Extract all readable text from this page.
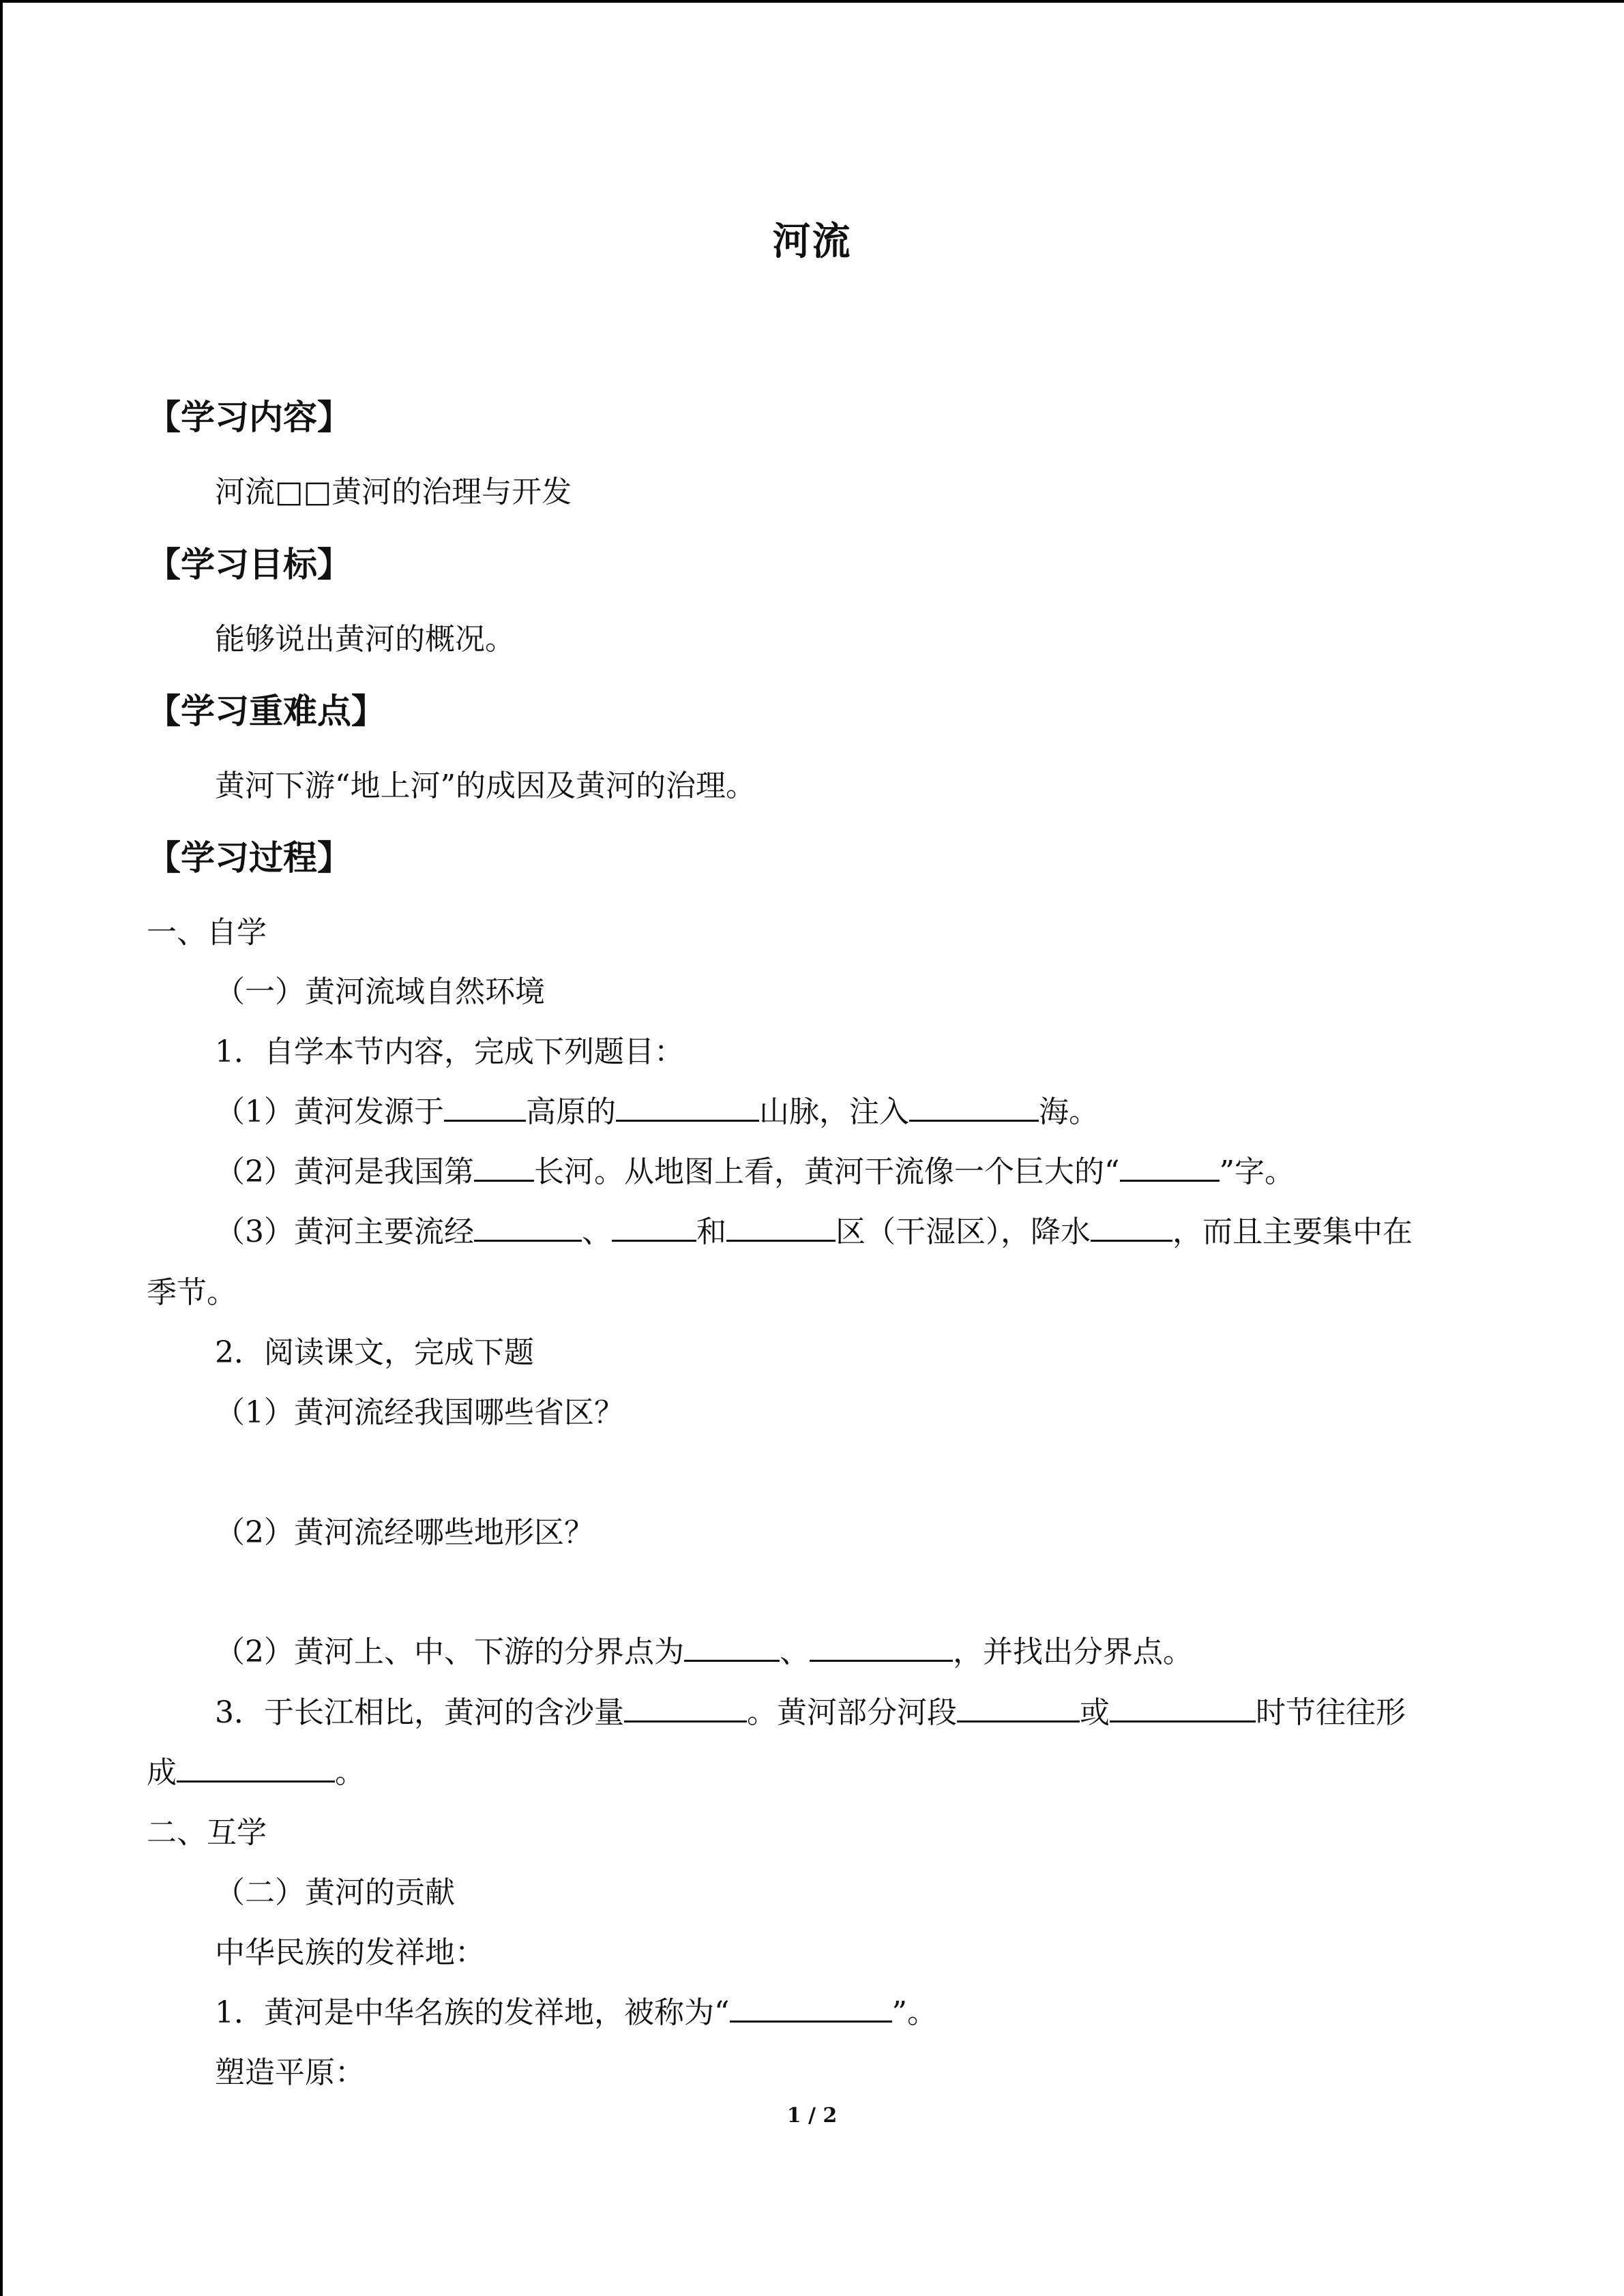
河流
【学习内容】
河流□□黄河的治理与开发
【学习目标】
能够说出黄河的概况。
【学习重难点】
黄河下游“地上河”的成因及黄河的治理。
【学习过程】
一、自学
（一）黄河流域自然环境
1．自学本节内容，完成下列题目：
（1）黄河发源于	高原的	山脉，注入	海。
（2）黄河是我国第 长河。从地图上看，黄河干流像一个巨大的“	”字。
（3）黄河主要流经	、	和	区（干湿区），降水	，而且主要集中在
季节。
2．阅读课文，完成下题
（1）黄河流经我国哪些省区？
（2）黄河流经哪些地形区？
（2）黄河上、中、下游的分界点为	、	，并找出分界点。
3．于长江相比，黄河的含沙量	。黄河部分河段	或	时节往往形
成	。
二、互学
（二）黄河的贡献
中华民族的发祥地：
1．黄河是中华名族的发祥地，被称为“	”。
塑造平原：
1 / 2
